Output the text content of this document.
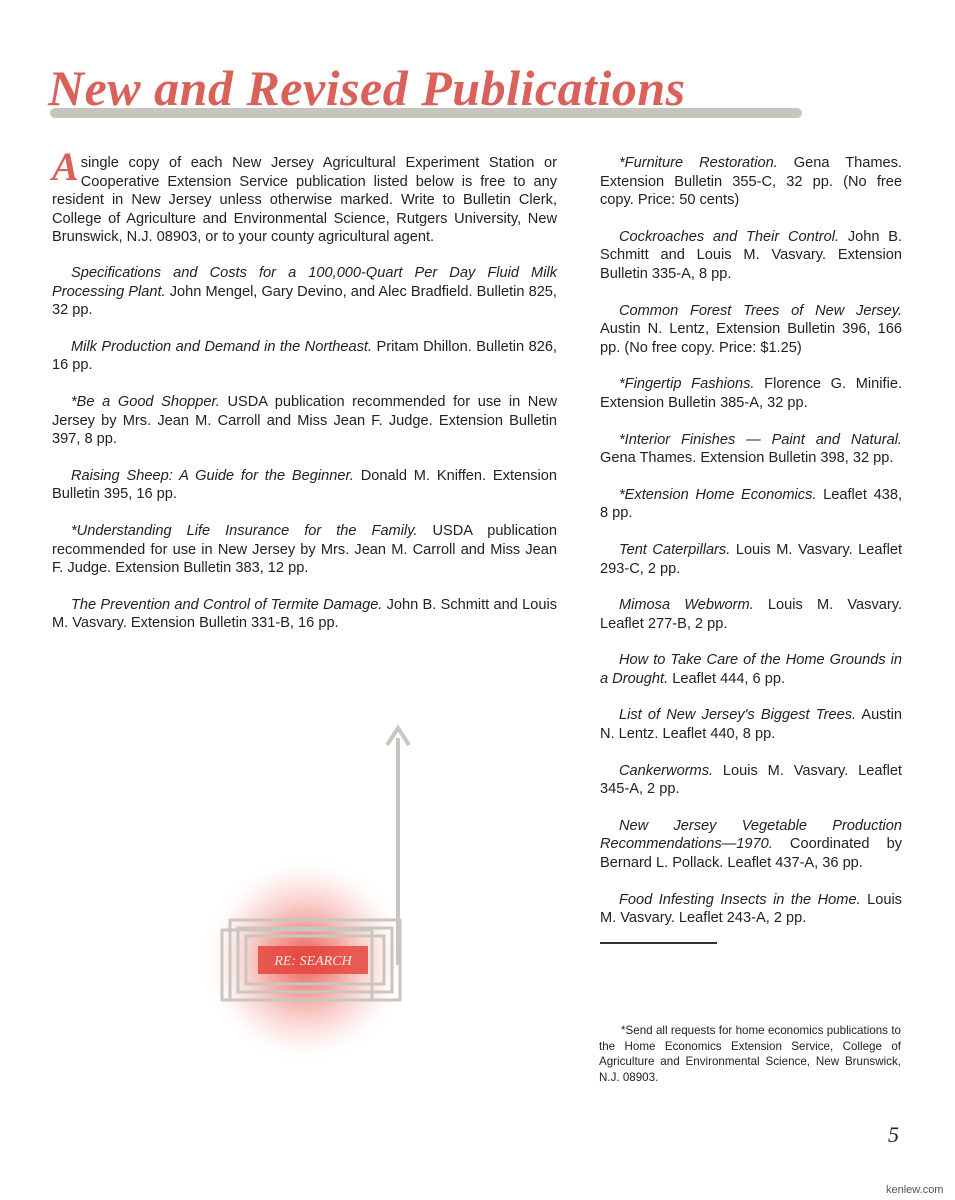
New and Revised Publications

Asingle copy of each New Jersey Agricultural Experiment Station or Cooperative Extension Service publication listed below is free to any resident in New Jersey unless otherwise marked. Write to Bulletin Clerk, College of Agriculture and Environmental Science, Rutgers University, New Brunswick, N.J. 08903, or to your county agricultural agent.

Specifications and Costs for a 100,000-Quart Per Day Fluid Milk Processing Plant. John Mengel, Gary Devino, and Alec Bradfield. Bulletin 825, 32 pp.

Milk Production and Demand in the Northeast. Pritam Dhillon. Bulletin 826, 16 pp.

*Be a Good Shopper. USDA publication recommended for use in New Jersey by Mrs. Jean M. Carroll and Miss Jean F. Judge. Extension Bulletin 397, 8 pp.

Raising Sheep: A Guide for the Beginner. Donald M. Kniffen. Extension Bulletin 395, 16 pp.

*Understanding Life Insurance for the Family. USDA publication recommended for use in New Jersey by Mrs. Jean M. Carroll and Miss Jean F. Judge. Extension Bulletin 383, 12 pp.

The Prevention and Control of Termite Damage. John B. Schmitt and Louis M. Vasvary. Extension Bulletin 331-B, 16 pp.

*Furniture Restoration. Gena Thames. Extension Bulletin 355-C, 32 pp. (No free copy. Price: 50 cents)

Cockroaches and Their Control. John B. Schmitt and Louis M. Vasvary. Extension Bulletin 335-A, 8 pp.

Common Forest Trees of New Jersey. Austin N. Lentz, Extension Bulletin 396, 166 pp. (No free copy. Price: $1.25)

*Fingertip Fashions. Florence G. Minifie. Extension Bulletin 385-A, 32 pp.

*Interior Finishes — Paint and Natural. Gena Thames. Extension Bulletin 398, 32 pp.

*Extension Home Economics. Leaflet 438, 8 pp.

Tent Caterpillars. Louis M. Vasvary. Leaflet 293-C, 2 pp.

Mimosa Webworm. Louis M. Vasvary. Leaflet 277-B, 2 pp.

How to Take Care of the Home Grounds in a Drought. Leaflet 444, 6 pp.

List of New Jersey's Biggest Trees. Austin N. Lentz. Leaflet 440, 8 pp.

Cankerworms. Louis M. Vasvary. Leaflet 345-A, 2 pp.

New Jersey Vegetable Production Recommendations—1970. Coordinated by Bernard L. Pollack. Leaflet 437-A, 36 pp.

Food Infesting Insects in the Home. Louis M. Vasvary. Leaflet 243-A, 2 pp.

*Send all requests for home economics publications to the Home Economics Extension Service, College of Agriculture and Environmental Science, New Brunswick, N.J. 08903.
RE: SEARCH
5
kenlew.com
